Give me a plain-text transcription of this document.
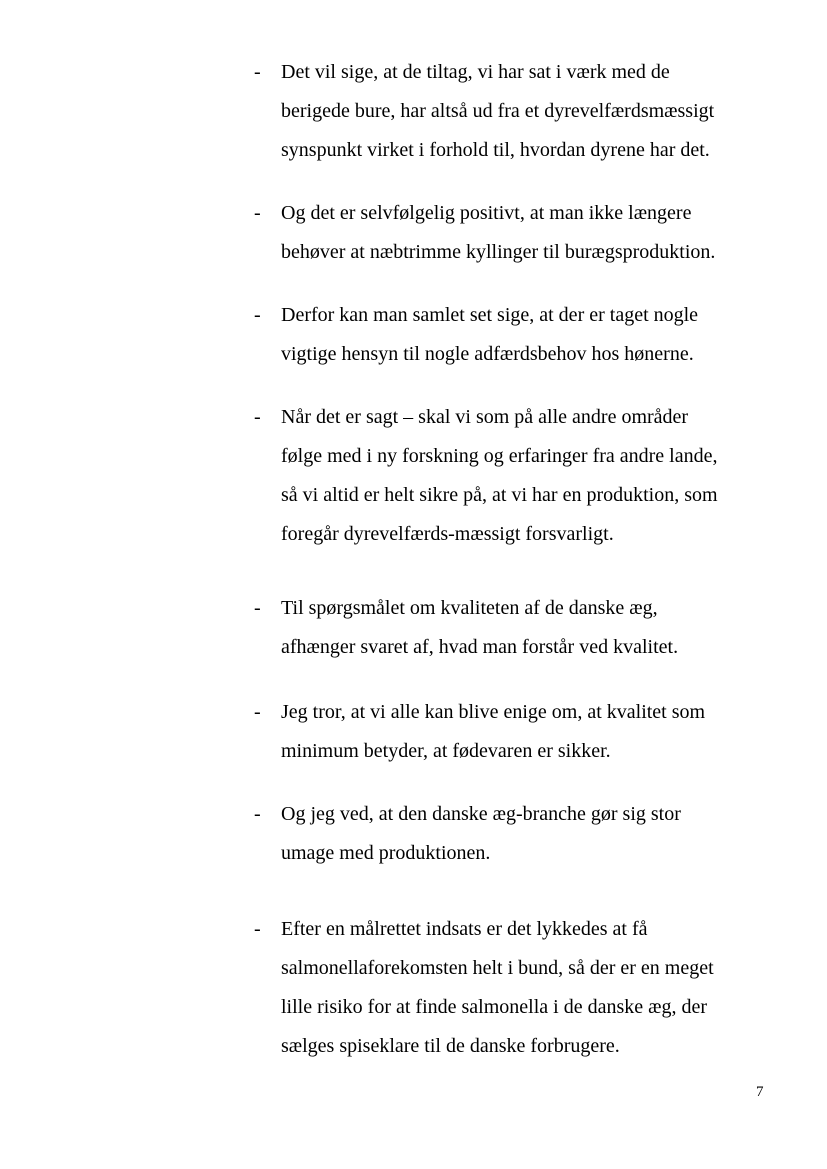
- Det vil sige, at de tiltag, vi har sat i værk med de
berigede bure, har altså ud fra et dyrevelfærdsmæssigt
synspunkt virket i forhold til, hvordan dyrene har det.
- Og det er selvfølgelig positivt, at man ikke længere
behøver at næbtrimme kyllinger til burægsproduktion.
- Derfor kan man samlet set sige, at der er taget nogle
vigtige hensyn til nogle adfærdsbehov hos hønerne.
- Når det er sagt – skal vi som på alle andre områder
følge med i ny forskning og erfaringer fra andre lande,
så vi altid er helt sikre på, at vi har en produktion, som
foregår dyrevelfærds-mæssigt forsvarligt.
- Til spørgsmålet om kvaliteten af de danske æg,
afhænger svaret af, hvad man forstår ved kvalitet.
- Jeg tror, at vi alle kan blive enige om, at kvalitet som
minimum betyder, at fødevaren er sikker.
- Og jeg ved, at den danske æg-branche gør sig stor
umage med produktionen.
- Efter en målrettet indsats er det lykkedes at få
salmonellaforekomsten helt i bund, så der er en meget
lille risiko for at finde salmonella i de danske æg, der
sælges spiseklare til de danske forbrugere.
7
